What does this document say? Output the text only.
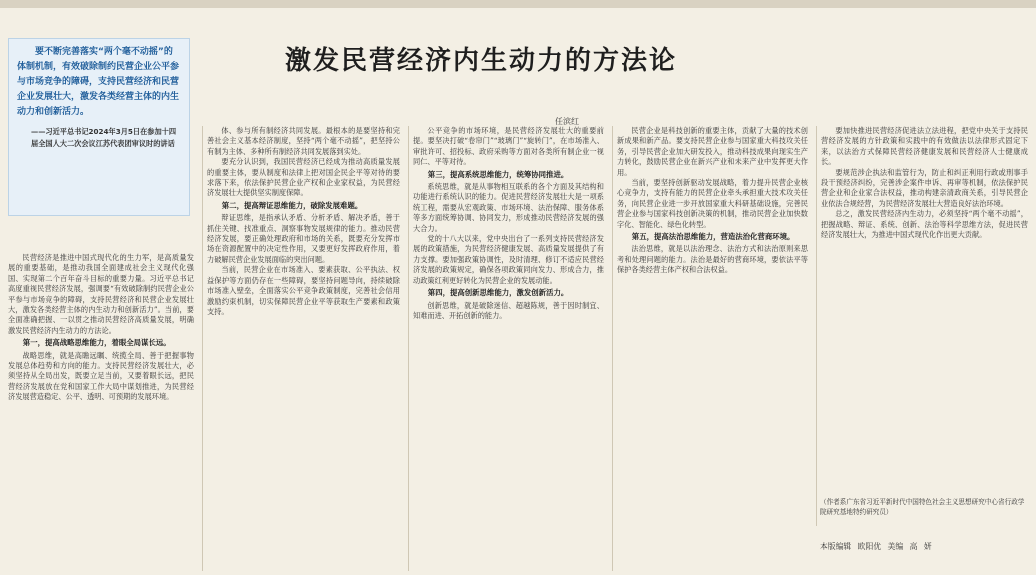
要不断完善落实“两个毫不动摇”的体制机制，有效破除制约民营企业公平参与市场竞争的障碍，支持民营经济和民营企业发展壮大，激发各类经营主体的内生动力和创新活力。

——习近平总书记2024年3月5日在参加十四届全国人大二次会议江苏代表团审议时的讲话

激发民营经济内生动力的方法论
任滨红

民营经济是推进中国式现代化的生力军，是高质量发展的重要基础，是推动我国全面建成社会主义现代化强国、实现第二个百年奋斗目标的重要力量。习近平总书记高度重视民营经济发展，强调要“有效破除制约民营企业公平参与市场竞争的障碍，支持民营经济和民营企业发展壮大，激发各类经营主体的内生动力和创新活力”。当前，要全面准确把握、一以贯之推动民营经济高质量发展，明确激发民营经济内生动力的方法论。

第一，提高战略思维能力，着眼全局谋长远。

战略思维，就是高瞻远瞩、统揽全局、善于把握事物发展总体趋势和方向的能力。支持民营经济发展壮大，必须坚持从全局出发，既要立足当前，又要着眼长远，把民营经济发展放在党和国家工作大局中谋划推进，为民营经济发展营造稳定、公平、透明、可预期的发展环境。

体、参与所有制经济共同发展。最根本的是要坚持和完善社会主义基本经济制度，坚持“两个毫不动摇”，把坚持公有制为主体、多种所有制经济共同发展落到实处。

要充分认识到，我国民营经济已经成为推动高质量发展的重要主体，要从制度和法律上把对国企民企平等对待的要求落下来，依法保护民营企业产权和企业家权益，为民营经济发展壮大提供坚实制度保障。

第二，提高辩证思维能力，破除发展难题。

辩证思维，是指承认矛盾、分析矛盾、解决矛盾，善于抓住关键、找准重点、洞察事物发展规律的能力。推动民营经济发展，要正确处理政府和市场的关系，既要充分发挥市场在资源配置中的决定性作用，又要更好发挥政府作用，着力破解民营企业发展面临的突出问题。

当前，民营企业在市场准入、要素获取、公平执法、权益保护等方面仍存在一些障碍，要坚持问题导向，持续破除市场准入壁垒，全面落实公平竞争政策制度，完善社会信用激励约束机制，切实保障民营企业平等获取生产要素和政策支持。

公平竞争的市场环境，是民营经济发展壮大的重要前提。要坚决打破“卷帘门”“玻璃门”“旋转门”，在市场准入、审批许可、招投标、政府采购等方面对各类所有制企业一视同仁、平等对待。

第三，提高系统思维能力，统筹协同推进。

系统思维，就是从事物相互联系的各个方面及其结构和功能进行系统认识的能力。促进民营经济发展壮大是一项系统工程，需要从宏观政策、市场环境、法治保障、服务体系等多方面统筹协调、协同发力，形成推动民营经济发展的强大合力。

党的十八大以来，党中央出台了一系列支持民营经济发展的政策措施，为民营经济健康发展、高质量发展提供了有力支撑。要加强政策协调性，及时清理、修订不适应民营经济发展的政策规定，确保各项政策同向发力、形成合力，推动政策红利更好转化为民营企业的发展动能。

第四，提高创新思维能力，激发创新活力。

创新思维，就是破除迷信、超越陈规，善于因时制宜、知难而进、开拓创新的能力。

民营企业是科技创新的重要主体，贡献了大量的技术创新成果和新产品。要支持民营企业参与国家重大科技攻关任务，引导民营企业加大研发投入，推动科技成果向现实生产力转化，鼓励民营企业在新兴产业和未来产业中发挥更大作用。

当前，要坚持创新驱动发展战略，着力提升民营企业核心竞争力，支持有能力的民营企业牵头承担重大技术攻关任务，向民营企业进一步开放国家重大科研基础设施，完善民营企业参与国家科技创新决策的机制，推动民营企业加快数字化、智能化、绿色化转型。

第五，提高法治思维能力，营造法治化营商环境。

法治思维，就是以法治理念、法治方式和法治原则来思考和处理问题的能力。法治是最好的营商环境，要依法平等保护各类经营主体产权和合法权益。

要加快推进民营经济促进法立法进程，把党中央关于支持民营经济发展的方针政策和实践中的有效做法以法律形式固定下来，以法治方式保障民营经济健康发展和民营经济人士健康成长。

要规范涉企执法和监管行为，防止和纠正利用行政或刑事手段干预经济纠纷，完善涉企案件申诉、再审等机制，依法保护民营企业和企业家合法权益，推动构建亲清政商关系，引导民营企业依法合规经营，为民营经济发展壮大营造良好法治环境。

总之，激发民营经济内生动力，必须坚持“两个毫不动摇”，把握战略、辩证、系统、创新、法治等科学思维方法，促进民营经济发展壮大，为推进中国式现代化作出更大贡献。

（作者系广东省习近平新时代中国特色社会主义思想研究中心省行政学院研究基地特约研究员）
本版编辑 欧阳优 美编 高 妍
